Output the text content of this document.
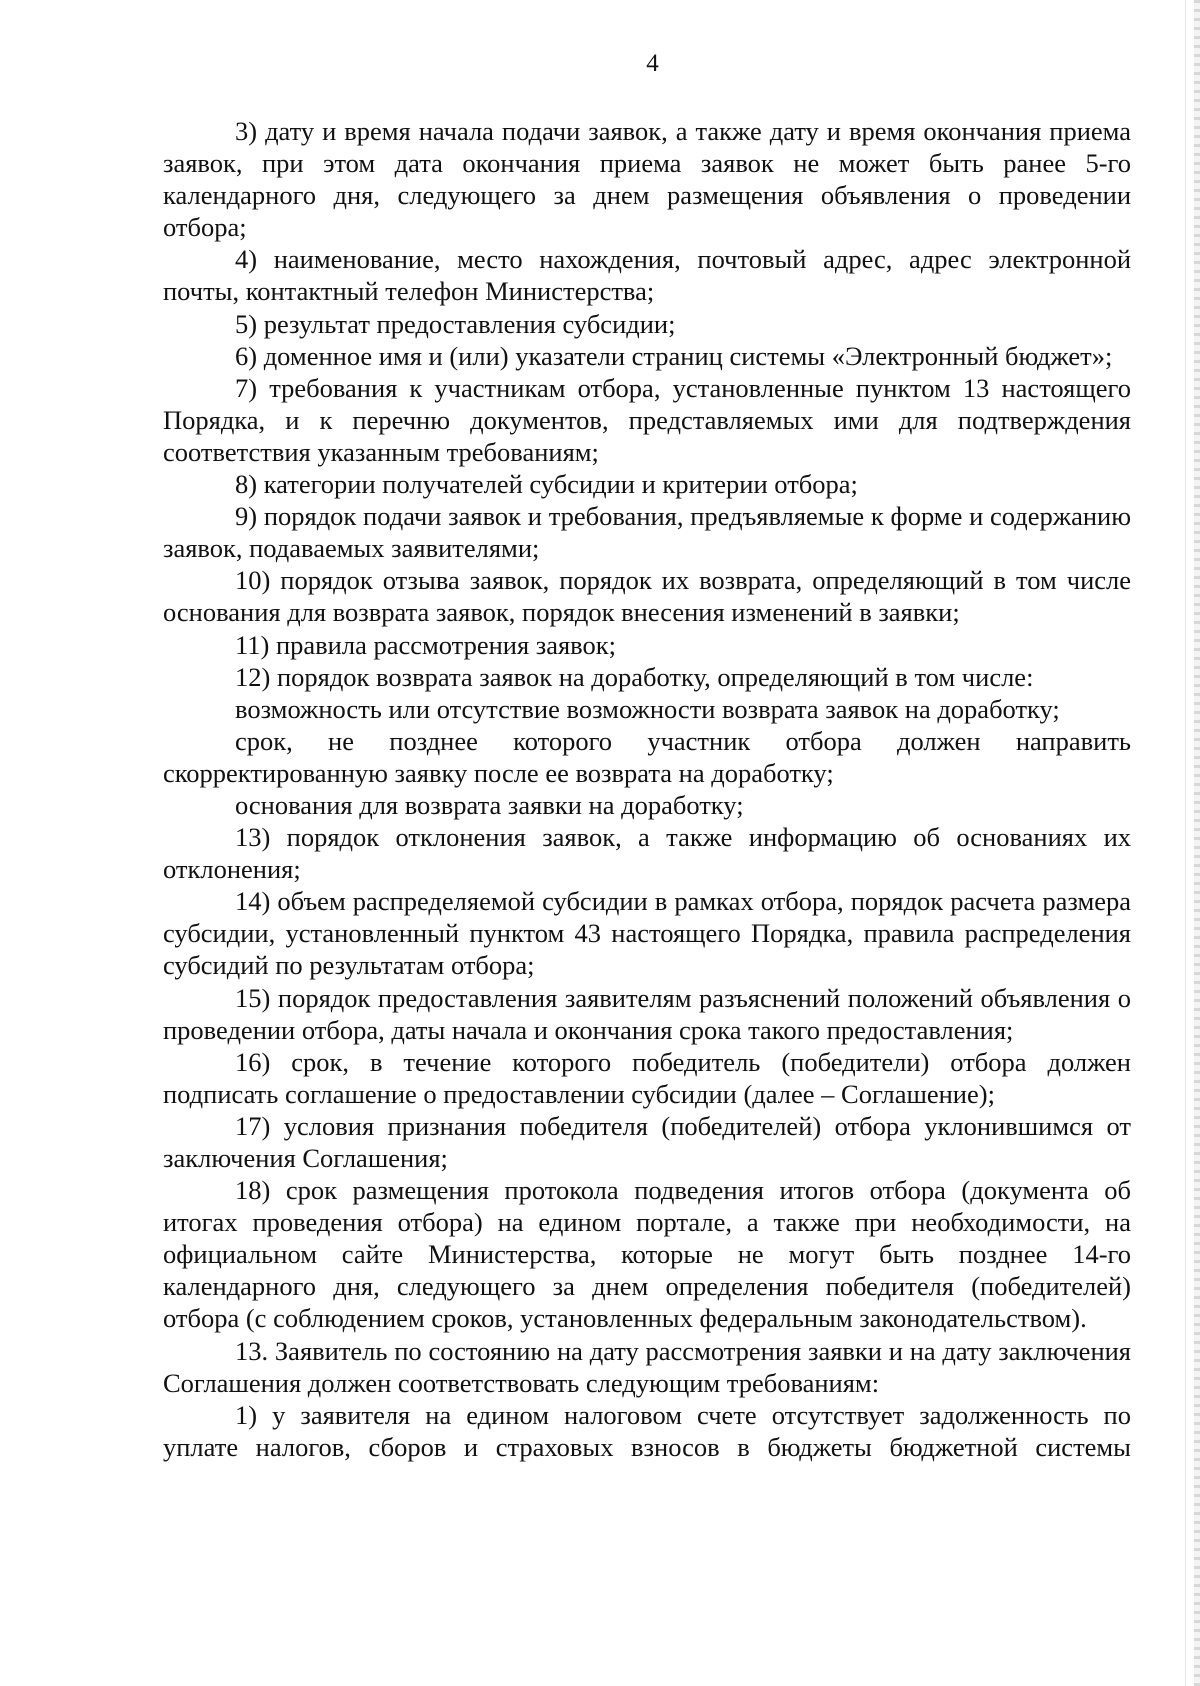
4

3) дату и время начала подачи заявок, а также дату и время окончания приема заявок, при этом дата окончания приема заявок не может быть ранее 5-го календарного дня, следующего за днем размещения объявления о проведении отбора;

4) наименование, место нахождения, почтовый адрес, адрес электронной почты, контактный телефон Министерства;

5) результат предоставления субсидии;

6) доменное имя и (или) указатели страниц системы «Электронный бюджет»;

7) требования к участникам отбора, установленные пунктом 13 настоящего Порядка, и к перечню документов, представляемых ими для подтверждения соответствия указанным требованиям;

8) категории получателей субсидии и критерии отбора;

9) порядок подачи заявок и требования, предъявляемые к форме и содержанию заявок, подаваемых заявителями;

10) порядок отзыва заявок, порядок их возврата, определяющий в том числе основания для возврата заявок, порядок внесения изменений в заявки;

11) правила рассмотрения заявок;

12) порядок возврата заявок на доработку, определяющий в том числе:

возможность или отсутствие возможности возврата заявок на доработку;

срок, не позднее которого участник отбора должен направить скорректированную заявку после ее возврата на доработку;

основания для возврата заявки на доработку;

13) порядок отклонения заявок, а также информацию об основаниях их отклонения;

14) объем распределяемой субсидии в рамках отбора, порядок расчета размера субсидии, установленный пунктом 43 настоящего Порядка, правила распределения субсидий по результатам отбора;

15) порядок предоставления заявителям разъяснений положений объявления о проведении отбора, даты начала и окончания срока такого предоставления;

16) срок, в течение которого победитель (победители) отбора должен подписать соглашение о предоставлении субсидии (далее – Соглашение);

17) условия признания победителя (победителей) отбора уклонившимся от заключения Соглашения;

18) срок размещения протокола подведения итогов отбора (документа об итогах проведения отбора) на едином портале, а также при необходимости, на официальном сайте Министерства, которые не могут быть позднее 14-го календарного дня, следующего за днем определения победителя (победителей) отбора (с соблюдением сроков, установленных федеральным законодательством).

13. Заявитель по состоянию на дату рассмотрения заявки и на дату заключения Соглашения должен соответствовать следующим требованиям:

1) у заявителя на едином налоговом счете отсутствует задолженность по уплате налогов, сборов и страховых взносов в бюджеты бюджетной системы
